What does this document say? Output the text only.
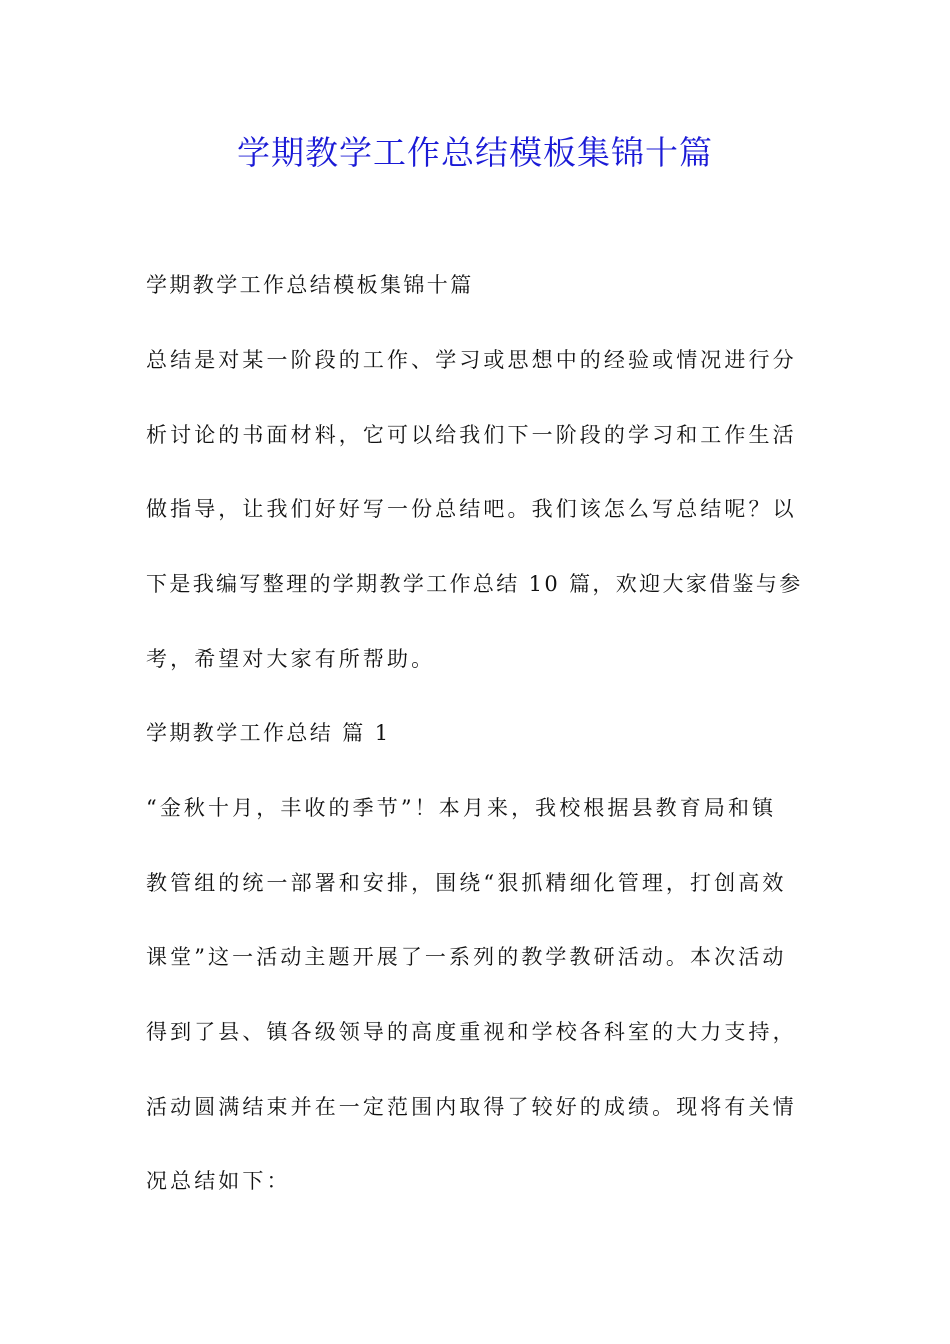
学期教学工作总结模板集锦十篇

学期教学工作总结模板集锦十篇

总结是对某一阶段的工作、学习或思想中的经验或情况进行分

析讨论的书面材料，它可以给我们下一阶段的学习和工作生活

做指导，让我们好好写一份总结吧。我们该怎么写总结呢？以

下是我编写整理的学期教学工作总结 10 篇，欢迎大家借鉴与参

考，希望对大家有所帮助。

学期教学工作总结 篇 1

“金秋十月，丰收的季节”！本月来，我校根据县教育局和镇

教管组的统一部署和安排，围绕“狠抓精细化管理，打创高效

课堂”这一活动主题开展了一系列的教学教研活动。本次活动

得到了县、镇各级领导的高度重视和学校各科室的大力支持，

活动圆满结束并在一定范围内取得了较好的成绩。现将有关情

况总结如下：
